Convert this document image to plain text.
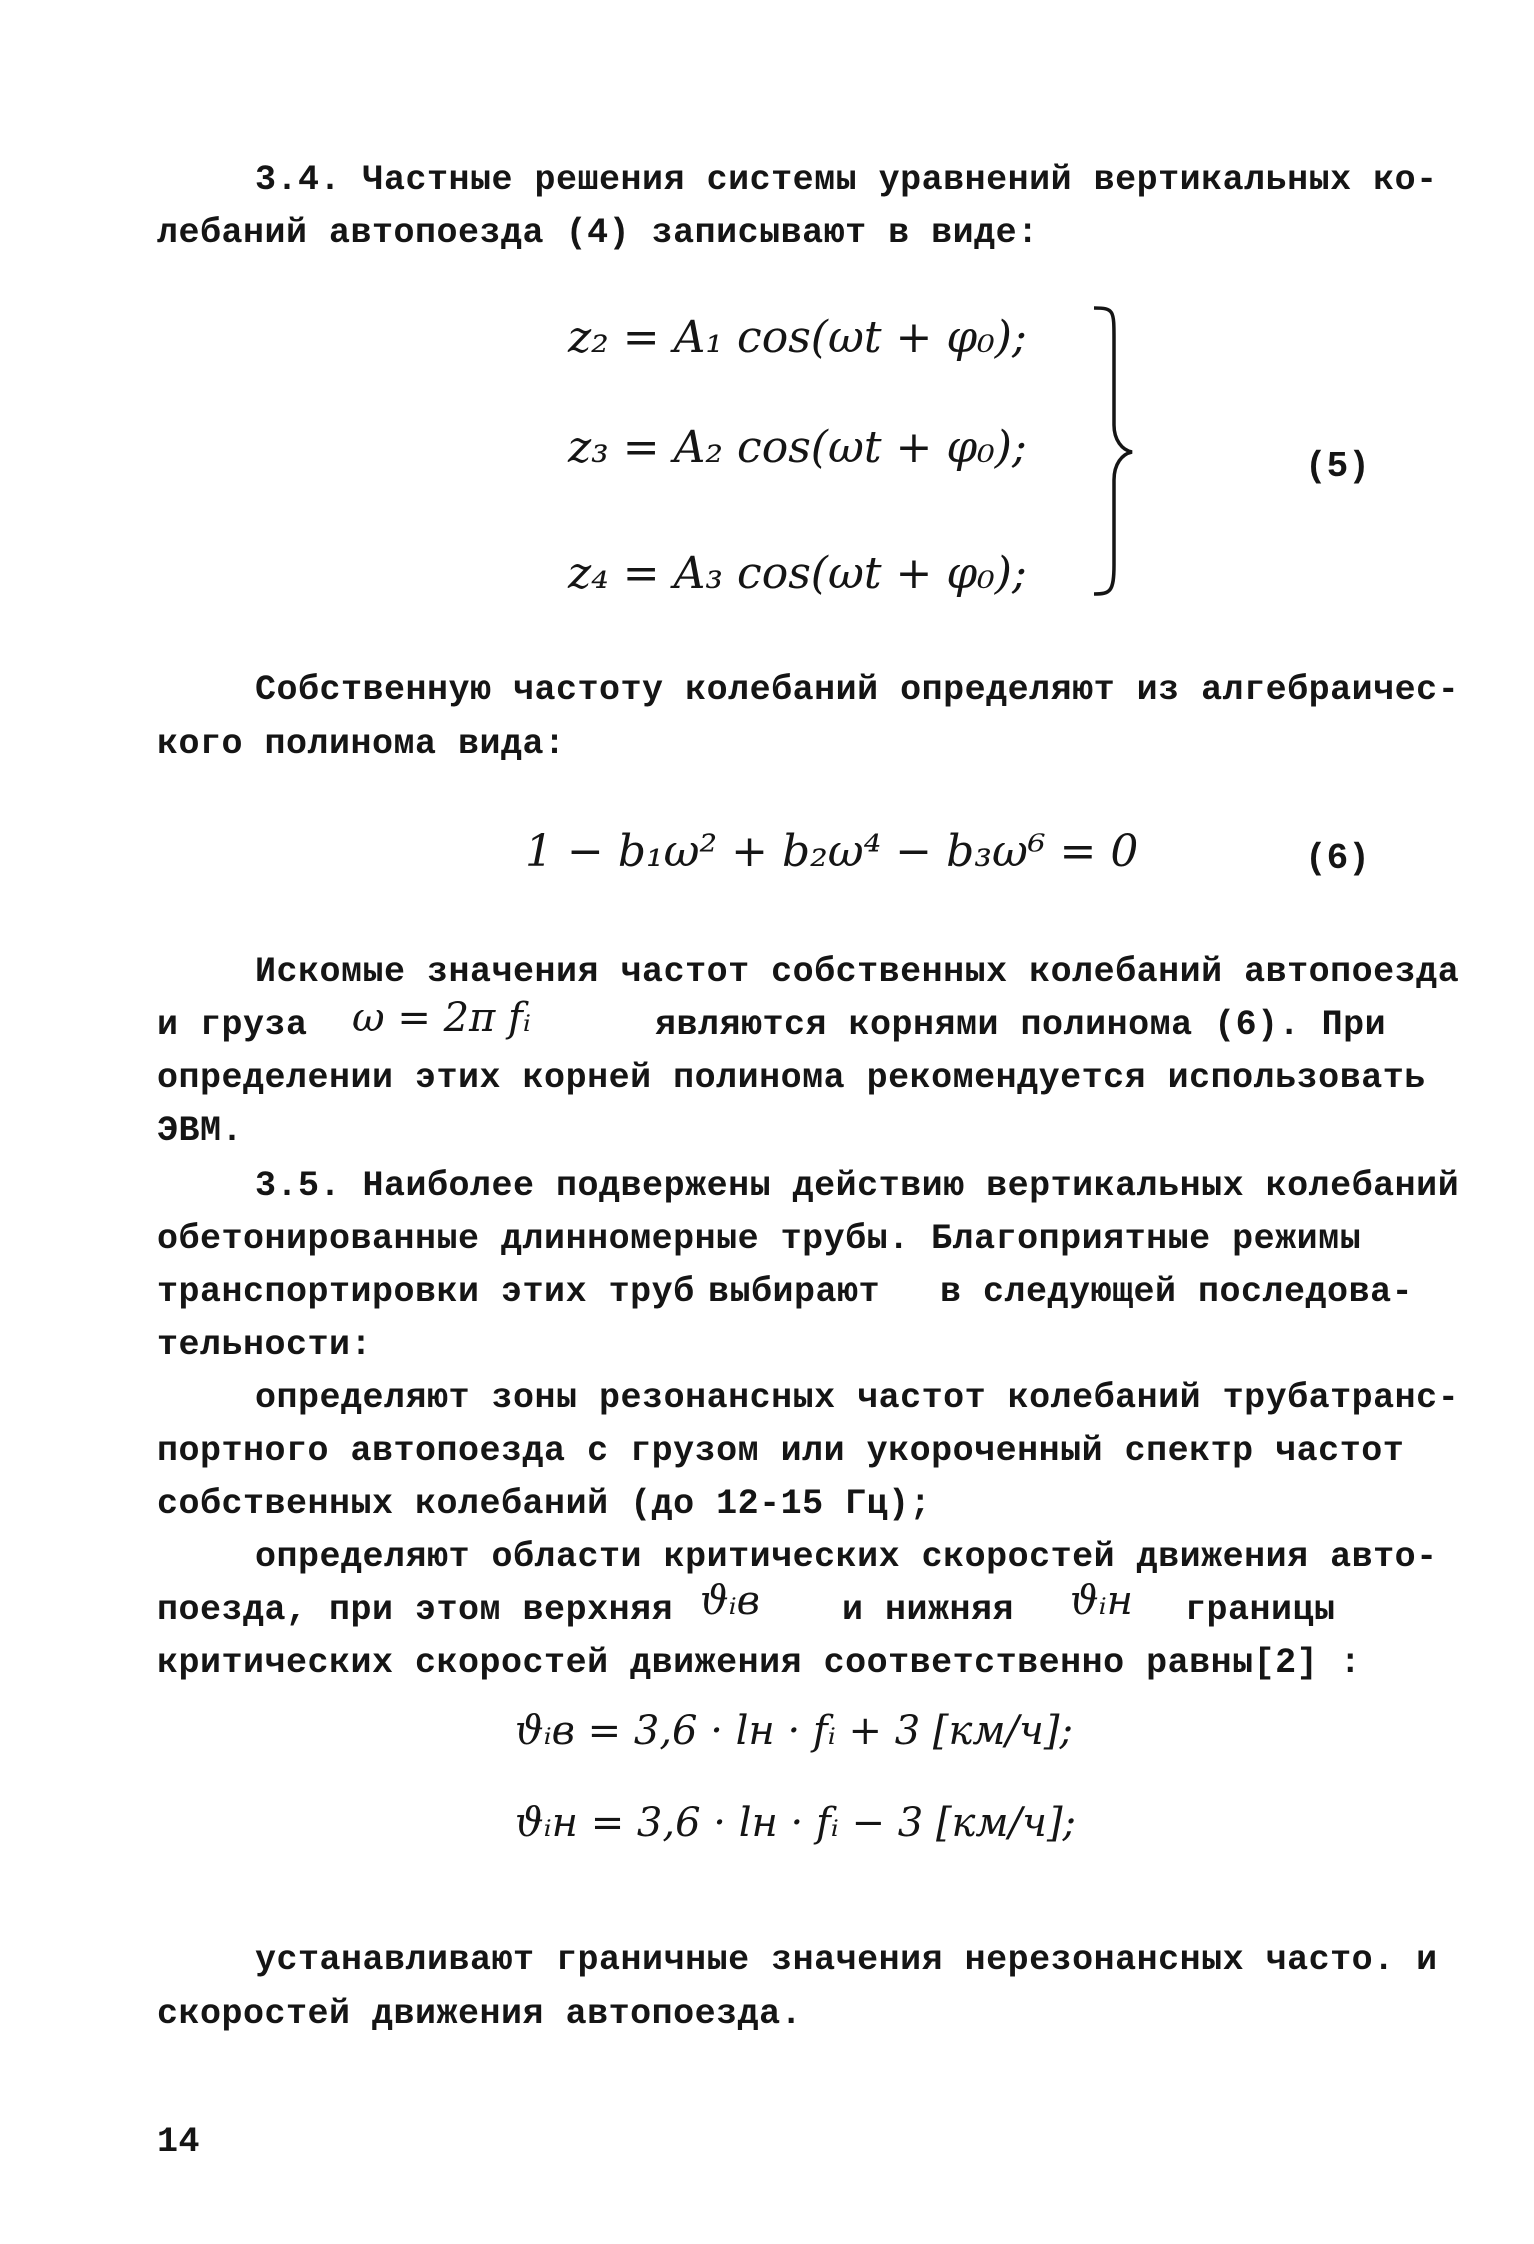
3.4. Частные решения системы уравнений вертикальных ко-
лебаний автопоезда (4) записывают в виде:
z₂ = A₁ cos(ωt + φ₀);
z₃ = A₂ cos(ωt + φ₀);
z₄ = A₃ cos(ωt + φ₀);
(5)
Собственную частоту колебаний определяют из алгебраичес-
кого полинома вида:
1 − b₁ω² + b₂ω⁴ − b₃ω⁶ = 0	(6)
Искомые значения частот собственных колебаний автопоезда
и груза ω = 2π fᵢ	являются корнями полинома (6). При
определении этих корней полинома рекомендуется использовать
ЭВМ.
3.5. Наиболее подвержены действию вертикальных колебаний
обетонированные длинномерные трубы. Благоприятные режимы
транспортировки этих труб выбирают в следующей последова-
тельности:
определяют зоны резонансных частот колебаний трубатранс-
портного автопоезда с грузом или укороченный спектр частот
собственных колебаний (до 12-15 Гц);
определяют области критических скоростей движения авто-
поезда, при этом верхняя ϑᵢв и нижняя ϑᵢн границы
критических скоростей движения соответственно равны[2] :
ϑᵢв = 3,6 · lн · fᵢ + 3 [км/ч];
ϑᵢн = 3,6 · lн · fᵢ − 3 [км/ч];
устанавливают граничные значения нерезонансных часто. и
скоростей движения автопоезда.
14
